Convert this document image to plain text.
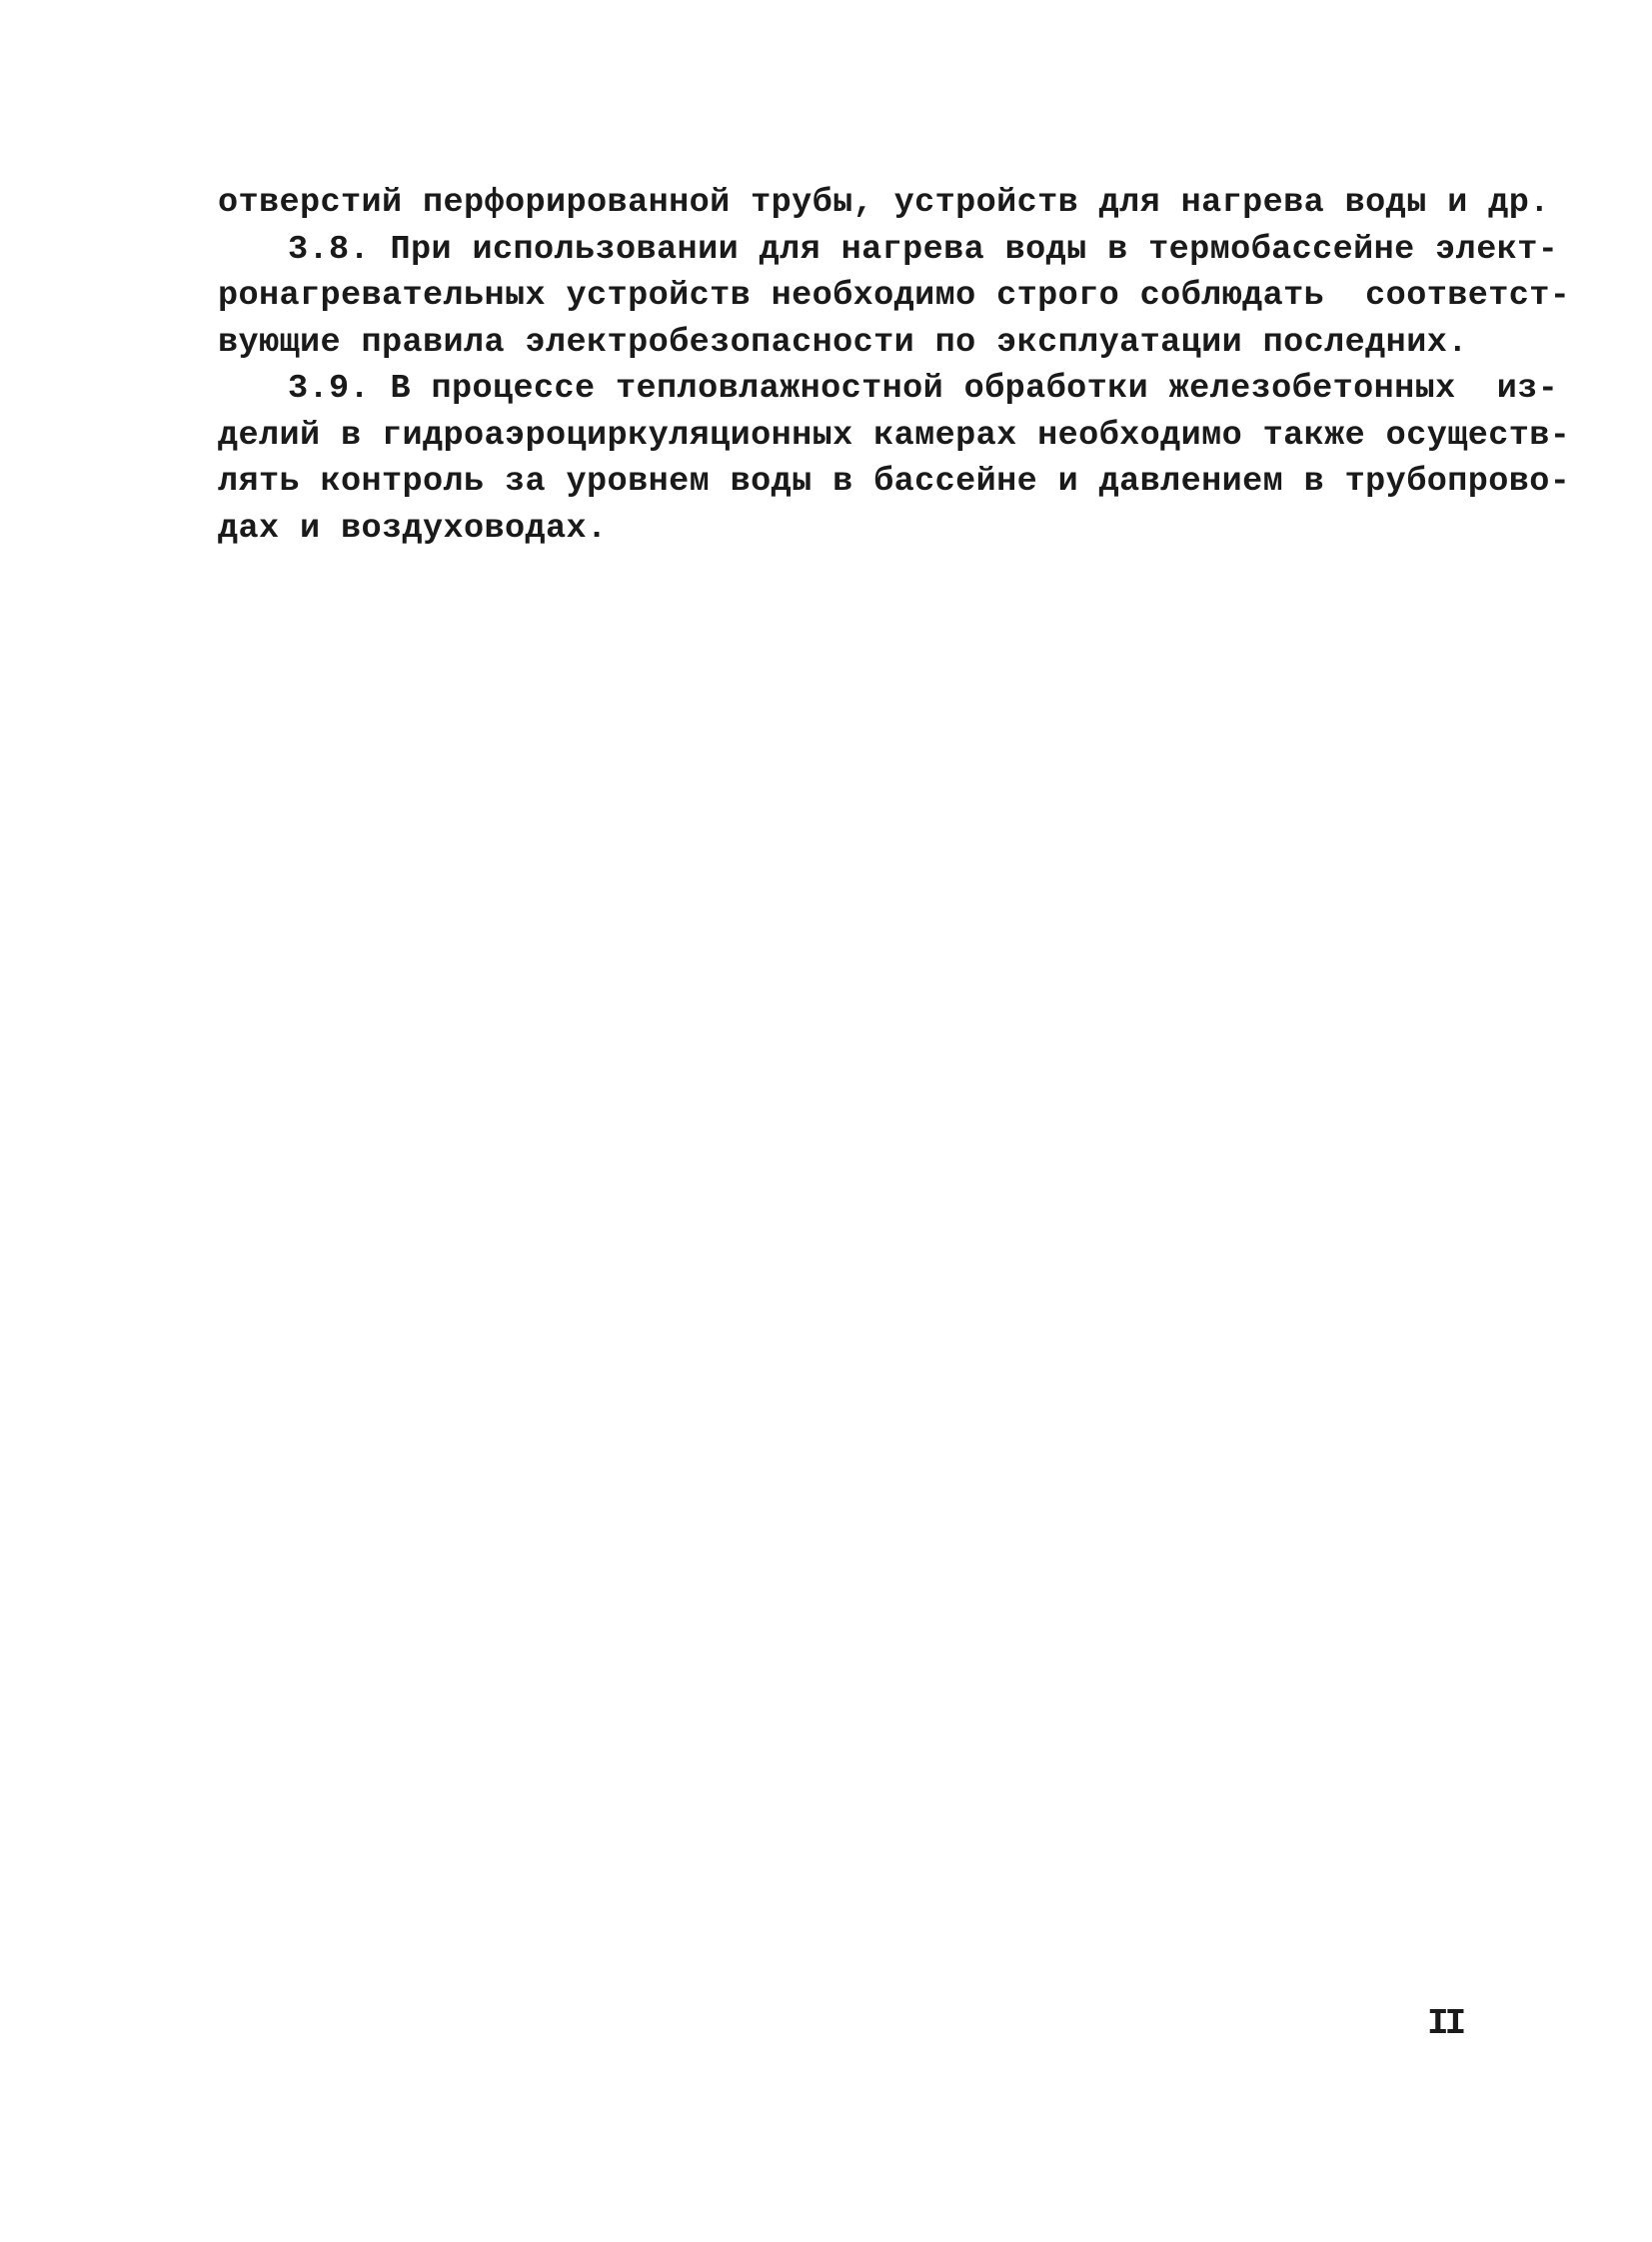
отверстий перфорированной трубы, устройств для нагрева воды и др.
3.8. При использовании для нагрева воды в термобассейне элект-
ронагревательных устройств необходимо строго соблюдать  соответст-
вующие правила электробезопасности по эксплуатации последних.
3.9. В процессе тепловлажностной обработки железобетонных  из-
делий в гидроаэроциркуляционных камерах необходимо также осуществ-
лять контроль за уровнем воды в бассейне и давлением в трубопрово-
дах и воздуховодах.
II
